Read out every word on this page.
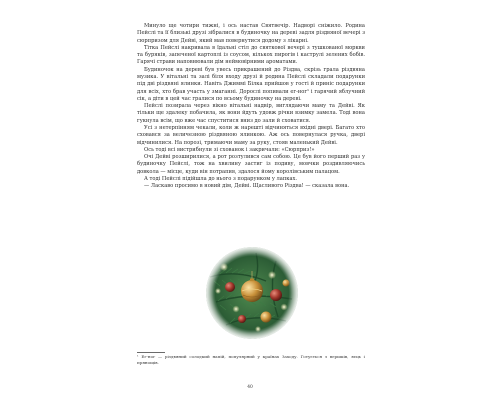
Минуло ще чотири тижні, і ось настав Святвечір. Надворі сніжило. Родина Пейслі та її близькі друзі зібралися в будиночку на дереві задля різдвяної вечері з сюрпризом для Дейві, який мав повернутися додому з лікарні.

Тітка Пейслі накривала в їдальні стіл до святкової вечері з тушкованої моркви та буряків, запеченої картоплі із соусом, кількох пирогів і каструлі зелених бобів. Гарячі страви наповнювали дім неймовірними ароматами.

Будиночок на дереві був увесь прикрашений до Різдва, скрізь грала різдвяна музика. У вітальні та залі біля входу друзі й родина Пейслі складали подарунки під дві різдвяні ялинки. Навіть Джиммі Білка прийшов у гості й приніс подарунки для всіх, хто брав участь у змаганні. Дорослі попивали ег-ног¹ і гарячий яблучний сік, а діти в цей час гралися по всьому будиночку на дереві.

Пейслі позирала через вікно вітальні надвір, виглядаючи маму та Дейві. Як тільки ще здалеку побачила, як вони йдуть удовж річки взимку замела. Тоді вона гукнула всім, що вже час спуститися вниз до зали й сховатися.

Усі з нетерпінням чекали, коли ж нарешті відчиняться вхідні двері. Багато хто сховався за величезною різдвяною ялинкою. Аж ось повернулася ручка, двері відчинилися. На порозі, тримаючи маму за руку, стояв маленький Дейві.

Ось тоді всі вистрибнули зі схованок і закричали: «Сюрприз!»

Очі Дейві розширилися, а рот розтулився сам собою. Це був його перший раз у будиночку Пейслі, тож на хвилину застиг із подиву, мовчки роздивляючись довкола — місце, куди він потрапив, здалося йому королівським палацом.

А тоді Пейслі підійшла до нього з подарунком у лапках.

— Ласкаво просимо в новий дім, Дейві. Щасливого Різдва! — сказала вона.

¹ Ег-ног — різдвяний солодкий напій, популярний у країнах Заходу. Готується з вершків, яєць і прянощів.
40
